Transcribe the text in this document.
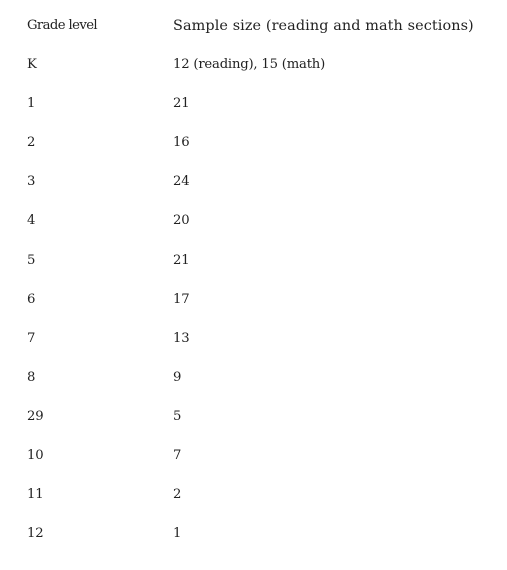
Grade level	Sample size (reading and math sections)
K	12 (reading), 15 (math)
1	21
2	16
3	24
4	20
5	21
6	17
7	13
8	9
29	5
10	7
11	2
12	1
